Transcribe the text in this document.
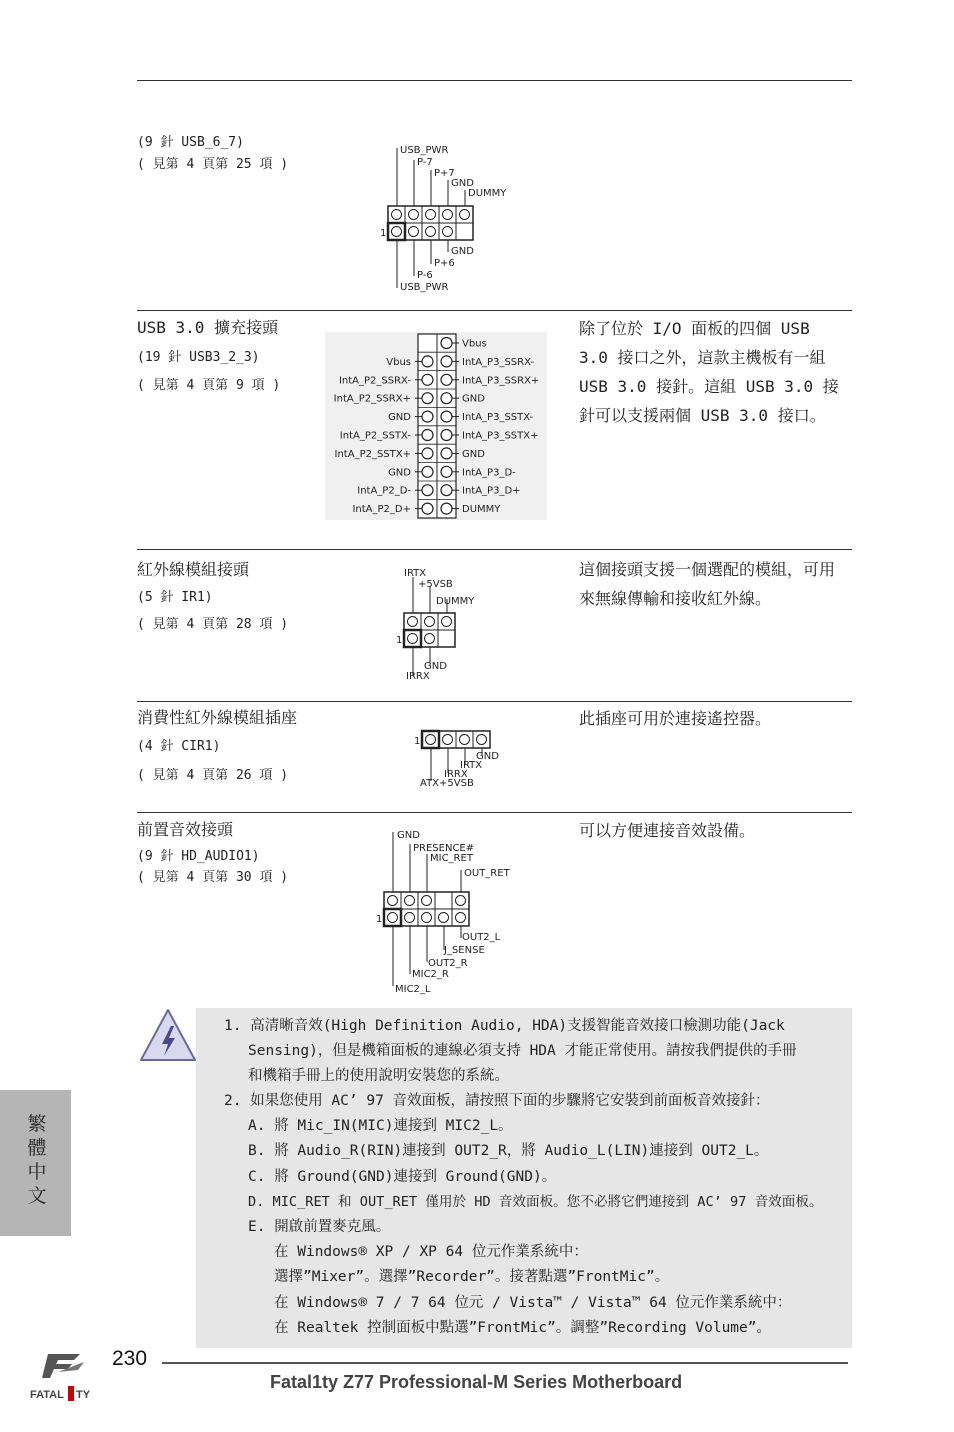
(9 針 USB_6_7)
( 見第 4 頁第 25 項 )
USB_PWR
P-7
P+7
GND
DUMMY
GND
P+6
P-6
USB_PWR
1
USB 3.0 擴充接頭
(19 針 USB3_2_3)
( 見第 4 頁第 9 項 )
除了位於 I/O 面板的四個 USB 3.0 接口之外，這款主機板有一組 USB 3.0 接針。這組 USB 3.0 接針可以支援兩個 USB 3.0 接口。
Vbus
IntA_P3_SSRX-
IntA_P3_SSRX+
GND
IntA_P3_SSTX-
IntA_P3_SSTX+
GND
IntA_P3_D-
IntA_P3_D+
DUMMY
Vbus
IntA_P2_SSRX-
IntA_P2_SSRX+
GND
IntA_P2_SSTX-
IntA_P2_SSTX+
GND
IntA_P2_D-
IntA_P2_D+
紅外線模組接頭
(5 針 IR1)
( 見第 4 頁第 28 項 )
這個接頭支援一個選配的模組，可用來無線傳輸和接收紅外線。
IRTX
+5VSB
DUMMY
GND
IRRX
1
消費性紅外線模組插座
(4 針 CIR1)
( 見第 4 頁第 26 項 )
此插座可用於連接遙控器。
GND
IRTX
IRRX
ATX+5VSB
1
前置音效接頭
(9 針 HD_AUDIO1)
( 見第 4 頁第 30 項 )
可以方便連接音效設備。
GND
PRESENCE#
MIC_RET
OUT_RET
OUT2_L
J_SENSE
OUT2_R
MIC2_R
MIC2_L
1
1. 高清晰音效(High Definition Audio, HDA)支援智能音效接口檢測功能(Jack
Sensing)，但是機箱面板的連線必須支持 HDA 才能正常使用。請按我們提供的手冊
和機箱手冊上的使用說明安裝您的系統。
2. 如果您使用 AC’ 97 音效面板，請按照下面的步驟將它安裝到前面板音效接針：
A. 將 Mic_IN(MIC)連接到 MIC2_L。
B. 將 Audio_R(RIN)連接到 OUT2_R，將 Audio_L(LIN)連接到 OUT2_L。
C. 將 Ground(GND)連接到 Ground(GND)。
D. MIC_RET 和 OUT_RET 僅用於 HD 音效面板。您不必將它們連接到 AC’ 97 音效面板。
E. 開啟前置麥克風。
在 Windows® XP / XP 64 位元作業系統中：
選擇”Mixer”。選擇”Recorder”。接著點選”FrontMic”。
在 Windows® 7 / 7 64 位元 / Vista™ / Vista™ 64 位元作業系統中：
在 Realtek 控制面板中點選”FrontMic”。調整”Recording Volume”。
繁體中文
FATAL TY
230
Fatal1ty Z77 Professional-M Series Motherboard
